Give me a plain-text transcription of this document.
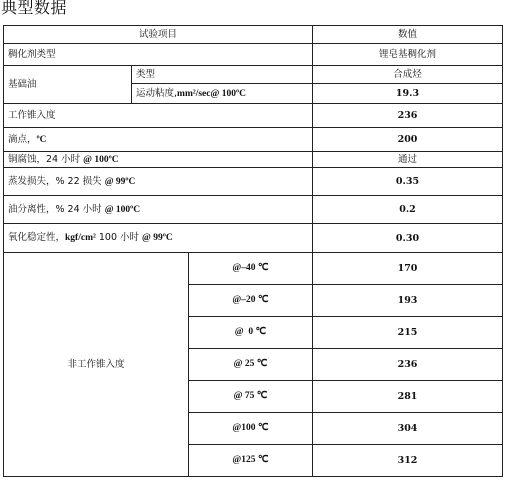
典型数据
试验项目			数值
稠化剂类型			锂皂基稠化剂
基础油	类型		合成烃
	运动粘度,mm²/sec@ 100ºC		19.3
工作锥入度			236
滴点，ºC			200
铜腐蚀，24 小时 @ 100ºC			通过
蒸发损失，% 22 损失 @ 99ºC			0.35
油分离性，% 24 小时 @ 100ºC			0.2
氧化稳定性，kgf/cm² 100 小时 @ 99ºC			0.30
非工作锥入度		@–40 ℃	170
		@–20 ℃	193
		@  0 ℃	215
		@ 25 ℃	236
		@ 75 ℃	281
		@100 ℃	304
		@125 ℃	312
